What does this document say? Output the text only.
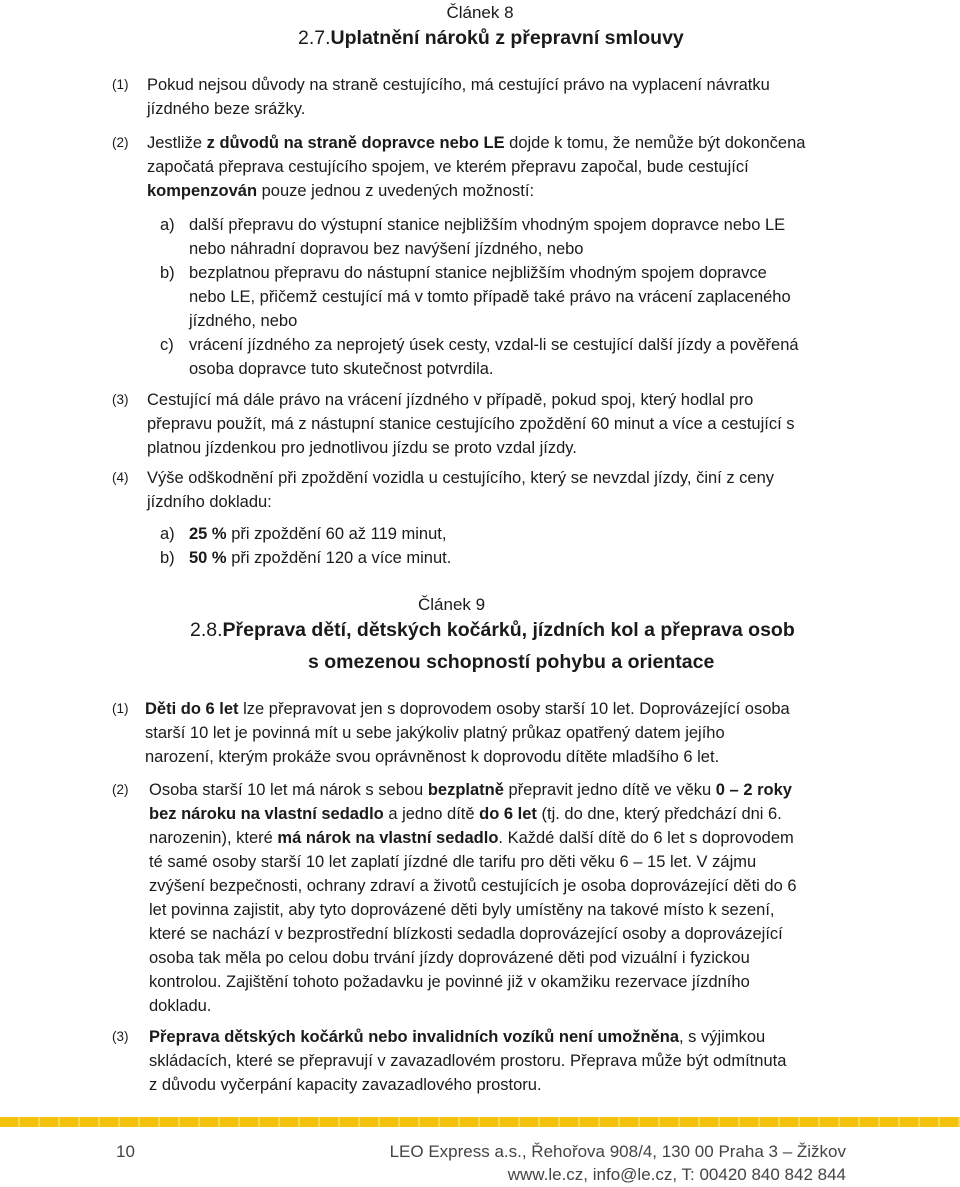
Článek 8
2.7.Uplatnění nároků z přepravní smlouvy
(1) Pokud nejsou důvody na straně cestujícího, má cestující právo na vyplacení návratku
jízdného beze srážky.
(2) Jestliže z důvodů na straně dopravce nebo LE dojde k tomu, že nemůže být dokončena
započatá přeprava cestujícího spojem, ve kterém přepravu započal, bude cestující
kompenzován pouze jednou z uvedených možností:
a) další přepravu do výstupní stanice nejbližším vhodným spojem dopravce nebo LE
nebo náhradní dopravou bez navýšení jízdného, nebo
b) bezplatnou přepravu do nástupní stanice nejbližším vhodným spojem dopravce
nebo LE, přičemž cestující má v tomto případě také právo na vrácení zaplaceného
jízdného, nebo
c) vrácení jízdného za neprojetý úsek cesty, vzdal-li se cestující další jízdy a pověřená
osoba dopravce tuto skutečnost potvrdila.
(3) Cestující má dále právo na vrácení jízdného v případě, pokud spoj, který hodlal pro
přepravu použít, má z nástupní stanice cestujícího zpoždění 60 minut a více a cestující s
platnou jízdenkou pro jednotlivou jízdu se proto vzdal jízdy.
(4) Výše odškodnění při zpoždění vozidla u cestujícího, který se nevzdal jízdy, činí z ceny
jízdního dokladu:
a) 25 % při zpoždění 60 až 119 minut,
b) 50 % při zpoždění 120 a více minut.
Článek 9
2.8.Přeprava dětí, dětských kočárků, jízdních kol a přeprava osob
s omezenou schopností pohybu a orientace
(1) Děti do 6 let lze přepravovat jen s doprovodem osoby starší 10 let. Doprovázející osoba
starší 10 let je povinná mít u sebe jakýkoliv platný průkaz opatřený datem jejího
narození, kterým prokáže svou oprávněnost k doprovodu dítěte mladšího 6 let.
(2) Osoba starší 10 let má nárok s sebou bezplatně přepravit jedno dítě ve věku 0 – 2 roky
bez nároku na vlastní sedadlo a jedno dítě do 6 let (tj. do dne, který předchází dni 6.
narozenin), které má nárok na vlastní sedadlo. Každé další dítě do 6 let s doprovodem
té samé osoby starší 10 let zaplatí jízdné dle tarifu pro děti věku 6 – 15 let. V zájmu
zvýšení bezpečnosti, ochrany zdraví a životů cestujících je osoba doprovázející děti do 6
let povinna zajistit, aby tyto doprovázené děti byly umístěny na takové místo k sezení,
které se nachází v bezprostřední blízkosti sedadla doprovázející osoby a doprovázející
osoba tak měla po celou dobu trvání jízdy doprovázené děti pod vizuální i fyzickou
kontrolou. Zajištění tohoto požadavku je povinné již v okamžiku rezervace jízdního
dokladu.
(3) Přeprava dětských kočárků nebo invalidních vozíků není umožněna, s výjimkou
skládacích, které se přepravují v zavazadlovém prostoru. Přeprava může být odmítnuta
z důvodu vyčerpání kapacity zavazadlového prostoru.
10	LEO Express a.s., Řehořova 908/4, 130 00 Praha 3 – Žižkov
www.le.cz, info@le.cz, T: 00420 840 842 844
